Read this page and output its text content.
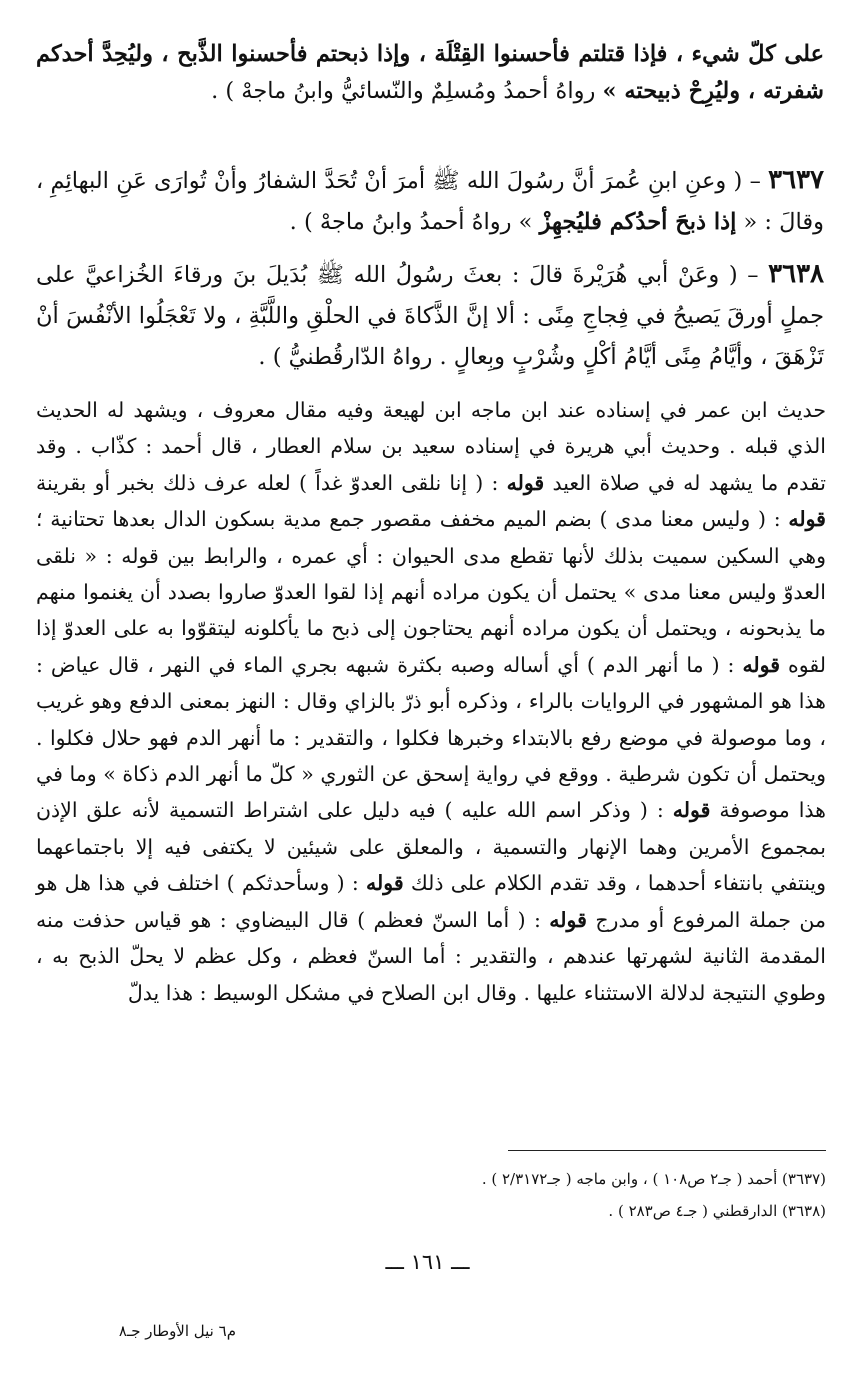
على كلّ شيء ، فإذا قتلتم فأحسنوا القِتْلَة ، وإذا ذبحتم فأحسنوا الذَّبح ، وليُحِدَّ أحدكم شفرته ، وليُرِحْ ذبيحته » رواهُ أحمدُ ومُسلِمٌ والنّسائيُّ وابنُ ماجهْ ) .

٣٦٣٧ – ( وعنِ ابنِ عُمرَ أنَّ رسُولَ الله ﷺ أمرَ أنْ تُحَدَّ الشفارُ وأنْ تُوارَى عَنِ البهائِمِ ، وقالَ : « إذا ذبحَ أحدُكم فليُجهِزْ » رواهُ أحمدُ وابنُ ماجهْ ) .

٣٦٣٨ – ( وعَنْ أبي هُرَيْرةَ قالَ : بعثَ رسُولُ الله ﷺ بُدَيلَ بنَ ورقاءَ الخُزاعيَّ على جملٍ أورقَ يَصيحُ في فِجاجِ مِنًى : ألا إنَّ الذَّكاةَ في الحلْقِ واللَّبَّةِ ، ولا تَعْجَلُوا الأنْفُسَ أنْ تَزْهَقَ ، وأيَّامُ مِنًى أيَّامُ أكْلٍ وشُرْبٍ وبِعالٍ . رواهُ الدّارقُطنيُّ ) .

حديث ابن عمر في إسناده عند ابن ماجه ابن لهيعة وفيه مقال معروف ، ويشهد له الحديث الذي قبله . وحديث أبي هريرة في إسناده سعيد بن سلام العطار ، قال أحمد : كذّاب . وقد تقدم ما يشهد له في صلاة العيد قوله : ( إنا نلقى العدوّ غداً ) لعله عرف ذلك بخبر أو بقرينة قوله : ( وليس معنا مدى ) بضم الميم مخفف مقصور جمع مدية بسكون الدال بعدها تحتانية ؛ وهي السكين سميت بذلك لأنها تقطع مدى الحيوان : أي عمره ، والرابط بين قوله : « نلقى العدوّ وليس معنا مدى » يحتمل أن يكون مراده أنهم إذا لقوا العدوّ صاروا بصدد أن يغنموا منهم ما يذبحونه ، ويحتمل أن يكون مراده أنهم يحتاجون إلى ذبح ما يأكلونه ليتقوّوا به على العدوّ إذا لقوه قوله : ( ما أنهر الدم ) أي أساله وصبه بكثرة شبهه بجري الماء في النهر ، قال عياض : هذا هو المشهور في الروايات بالراء ، وذكره أبو ذرّ بالزاي وقال : النهز بمعنى الدفع وهو غريب ، وما موصولة في موضع رفع بالابتداء وخبرها فكلوا ، والتقدير : ما أنهر الدم فهو حلال فكلوا . ويحتمل أن تكون شرطية . ووقع في رواية إسحق عن الثوري « كلّ ما أنهر الدم ذكاة » وما في هذا موصوفة قوله : ( وذكر اسم الله عليه ) فيه دليل على اشتراط التسمية لأنه علق الإذن بمجموع الأمرين وهما الإنهار والتسمية ، والمعلق على شيئين لا يكتفى فيه إلا باجتماعهما وينتفي بانتفاء أحدهما ، وقد تقدم الكلام على ذلك قوله : ( وسأحدثكم ) اختلف في هذا هل هو من جملة المرفوع أو مدرج قوله : ( أما السنّ فعظم ) قال البيضاوي : هو قياس حذفت منه المقدمة الثانية لشهرتها عندهم ، والتقدير : أما السنّ فعظم ، وكل عظم لا يحلّ الذبح به ، وطوي النتيجة لدلالة الاستثناء عليها . وقال ابن الصلاح في مشكل الوسيط : هذا يدلّ

(٣٦٣٧) أحمد ( جـ٢ ص١٠٨ ) ، وابن ماجه ( جـ٢/٣١٧٢ ) .

(٣٦٣٨) الدارقطني ( جـ٤ ص٢٨٣ ) .

ـــ ١٦١ ـــ
م٦ نيل الأوطار جـ٨
